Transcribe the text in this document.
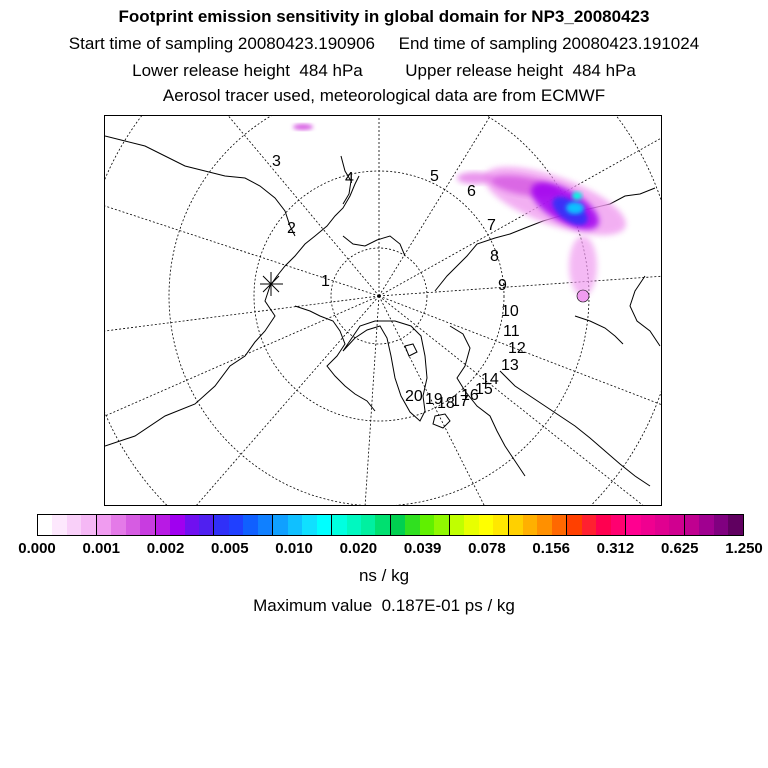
Footprint emission sensitivity in global domain for NP3_20080423
Start time of sampling 20080423.190906     End time of sampling 20080423.191024
Lower release height  484 hPa         Upper release height  484 hPa
Aerosol tracer used, meteorological data are from ECMWF
1
2
3
4	5
6
7
8
9
10
11
12
13
14
15
16
17
18
19
20
0.000 0.001 0.002 0.005 0.010 0.020 0.039 0.078 0.156 0.312 0.625 1.250
ns / kg
Maximum value  0.187E-01 ps / kg
